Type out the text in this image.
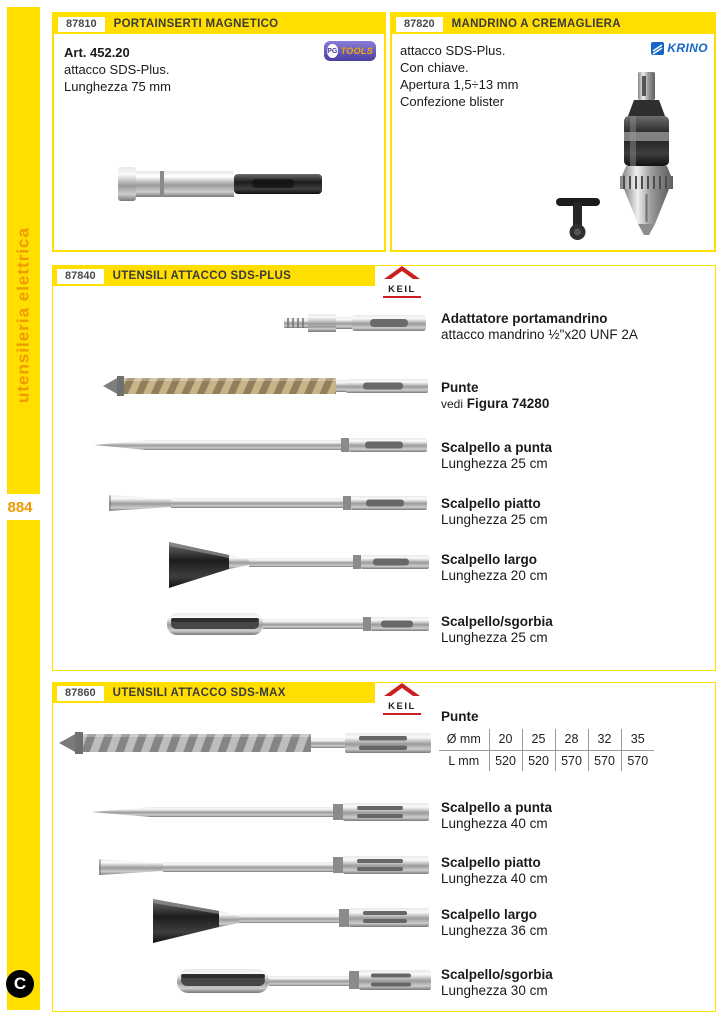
utensileria elettrica
884
C
87810	PORTAINSERTI MAGNETICO
Art. 452.20
attacco SDS-Plus.
Lunghezza 75 mm
PG TOOLS
87820	MANDRINO A CREMAGLIERA
attacco SDS-Plus.
Con chiave.
Apertura 1,5÷13 mm
Confezione blister
KRINO
87840	UTENSILI ATTACCO SDS-PLUS
KEIL
Adattatore portamandrino
attacco mandrino ½"x20 UNF 2A
Punte
vedi Figura 74280
Scalpello a punta
Lunghezza 25 cm
Scalpello piatto
Lunghezza 25 cm
Scalpello largo
Lunghezza 20 cm
Scalpello/sgorbia
Lunghezza 25 cm
87860	UTENSILI ATTACCO SDS-MAX
KEIL
Punte
Ø mm	20	25	28	32	35
L mm	520	520	570	570	570
Scalpello a punta
Lunghezza 40 cm
Scalpello piatto
Lunghezza 40 cm
Scalpello largo
Lunghezza 36 cm
Scalpello/sgorbia
Lunghezza 30 cm
